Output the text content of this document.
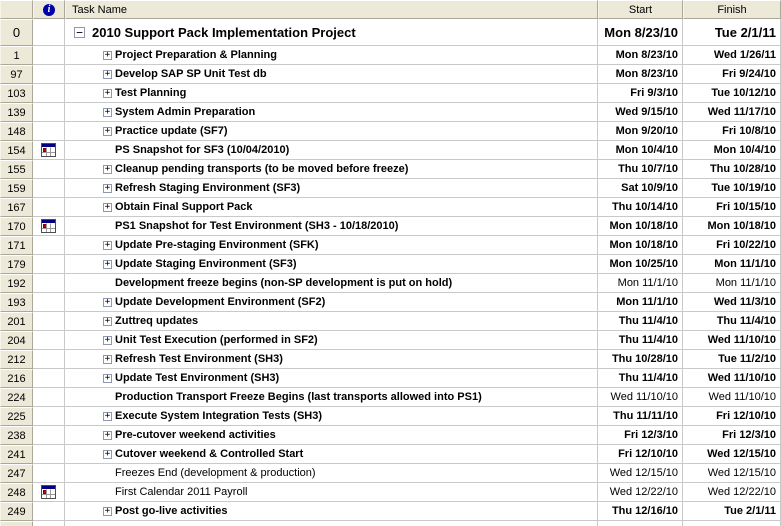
i	Task Name	Start	Finish
0	− 2010 Support Pack Implementation Project	Mon 8/23/10	Tue 2/1/11
1	+ Project Preparation & Planning	Mon 8/23/10	Wed 1/26/11
97	+ Develop SAP SP Unit Test db	Mon 8/23/10	Fri 9/24/10
103	+ Test Planning	Fri 9/3/10	Tue 10/12/10
139	+ System Admin Preparation	Wed 9/15/10	Wed 11/17/10
148	+ Practice update (SF7)	Mon 9/20/10	Fri 10/8/10
154	PS Snapshot for SF3 (10/04/2010)	Mon 10/4/10	Mon 10/4/10
155	+ Cleanup pending transports (to be moved before freeze)	Thu 10/7/10	Thu 10/28/10
159	+ Refresh Staging Environment (SF3)	Sat 10/9/10	Tue 10/19/10
167	+ Obtain Final Support Pack	Thu 10/14/10	Fri 10/15/10
170	PS1 Snapshot for Test Environment (SH3 - 10/18/2010)	Mon 10/18/10	Mon 10/18/10
171	+ Update Pre-staging Environment (SFK)	Mon 10/18/10	Fri 10/22/10
179	+ Update Staging Environment (SF3)	Mon 10/25/10	Mon 11/1/10
192	Development freeze begins (non-SP development is put on hold)	Mon 11/1/10	Mon 11/1/10
193	+ Update Development Environment (SF2)	Mon 11/1/10	Wed 11/3/10
201	+ Zuttreq updates	Thu 11/4/10	Thu 11/4/10
204	+ Unit Test Execution (performed in SF2)	Thu 11/4/10	Wed 11/10/10
212	+ Refresh Test Environment (SH3)	Thu 10/28/10	Tue 11/2/10
216	+ Update Test Environment (SH3)	Thu 11/4/10	Wed 11/10/10
224	Production Transport Freeze Begins (last transports allowed into PS1)	Wed 11/10/10	Wed 11/10/10
225	+ Execute System Integration Tests (SH3)	Thu 11/11/10	Fri 12/10/10
238	+ Pre-cutover weekend activities	Fri 12/3/10	Fri 12/3/10
241	+ Cutover weekend & Controlled Start	Fri 12/10/10	Wed 12/15/10
247	Freezes End (development & production)	Wed 12/15/10	Wed 12/15/10
248	First Calendar 2011 Payroll	Wed 12/22/10	Wed 12/22/10
249	+ Post go-live activities	Thu 12/16/10	Tue 2/1/11
